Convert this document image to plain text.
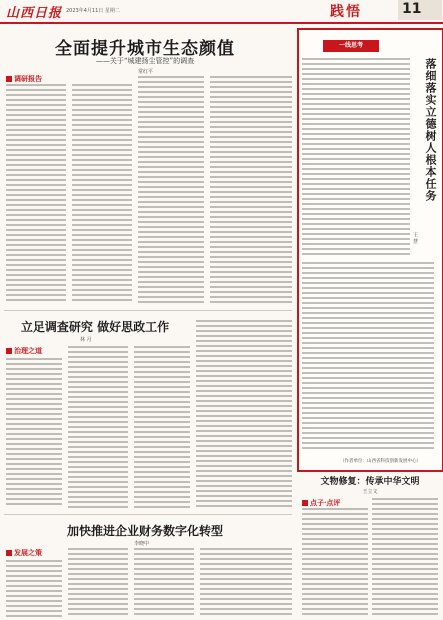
山西日报 2023年4月11日 星期二	践悟	11
全面提升城市生态颜值
——关于“城建扬尘管控”的调查
常红平
调研报告
立足调查研究 做好思政工作
林 月
治理之道
加快推进企业财务数字化转型
李晓中
发展之策
一线思考
落细落实立德树人根本任务
王 慧
（作者单位：山西省科技创新发展中心）
文物修复：传承中华文明
王立文
点子·点评
